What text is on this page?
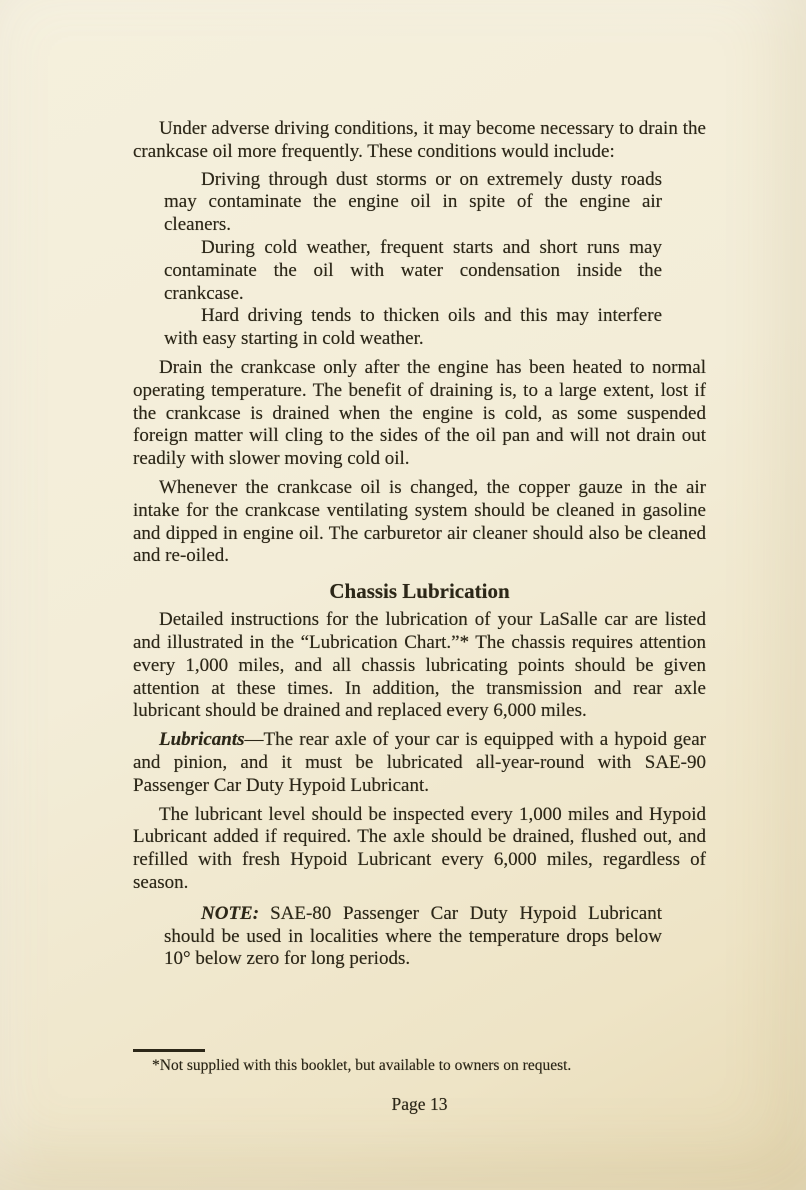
Under adverse driving conditions, it may become necessary to drain the crankcase oil more frequently. These conditions would include:

Driving through dust storms or on extremely dusty roads may contaminate the engine oil in spite of the engine air cleaners.

During cold weather, frequent starts and short runs may contaminate the oil with water condensation inside the crankcase.

Hard driving tends to thicken oils and this may interfere with easy starting in cold weather.

Drain the crankcase only after the engine has been heated to normal operating temperature. The benefit of draining is, to a large extent, lost if the crankcase is drained when the engine is cold, as some suspended foreign matter will cling to the sides of the oil pan and will not drain out readily with slower moving cold oil.

Whenever the crankcase oil is changed, the copper gauze in the air intake for the crankcase ventilating system should be cleaned in gasoline and dipped in engine oil. The carburetor air cleaner should also be cleaned and re-oiled.

Chassis Lubrication

Detailed instructions for the lubrication of your LaSalle car are listed and illustrated in the “Lubrication Chart.”* The chassis requires attention every 1,000 miles, and all chassis lubricating points should be given attention at these times. In addition, the transmission and rear axle lubricant should be drained and replaced every 6,000 miles.

Lubricants—The rear axle of your car is equipped with a hypoid gear and pinion, and it must be lubricated all-year-round with SAE-90 Passenger Car Duty Hypoid Lubricant.

The lubricant level should be inspected every 1,000 miles and Hypoid Lubricant added if required. The axle should be drained, flushed out, and refilled with fresh Hypoid Lubricant every 6,000 miles, regardless of season.

NOTE: SAE-80 Passenger Car Duty Hypoid Lubricant should be used in localities where the temperature drops below 10° below zero for long periods.

*Not supplied with this booklet, but available to owners on request.

Page 13
